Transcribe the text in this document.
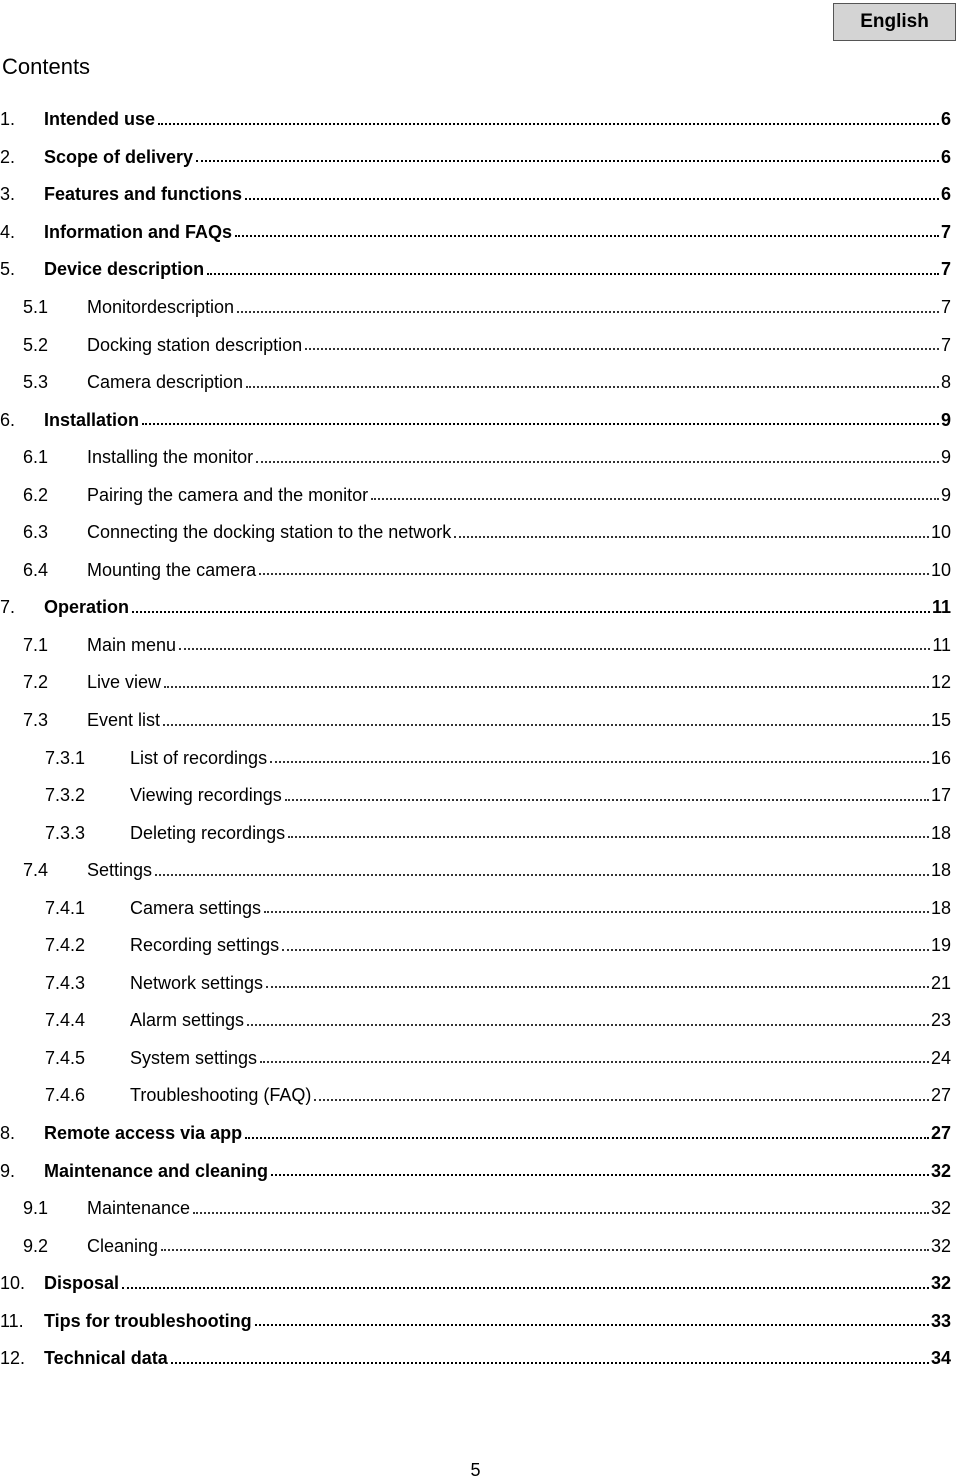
English
Contents
1.	Intended use	6
2.	Scope of delivery	6
3.	Features and functions	6
4.	Information and FAQs	7
5.	Device description	7
5.1	Monitordescription	7
5.2	Docking station description	7
5.3	Camera description	8
6.	Installation	9
6.1	Installing the monitor	9
6.2	Pairing the camera and the monitor	9
6.3	Connecting the docking station to the network	10
6.4	Mounting the camera	10
7.	Operation	11
7.1	Main menu	11
7.2	Live view	12
7.3	Event list	15
7.3.1	List of recordings	16
7.3.2	Viewing recordings	17
7.3.3	Deleting recordings	18
7.4	Settings	18
7.4.1	Camera settings	18
7.4.2	Recording settings	19
7.4.3	Network settings	21
7.4.4	Alarm settings	23
7.4.5	System settings	24
7.4.6	Troubleshooting (FAQ)	27
8.	Remote access via app	27
9.	Maintenance and cleaning	32
9.1	Maintenance	32
9.2	Cleaning	32
10.	Disposal	32
11.	Tips for troubleshooting	33
12.	Technical data	34
5
